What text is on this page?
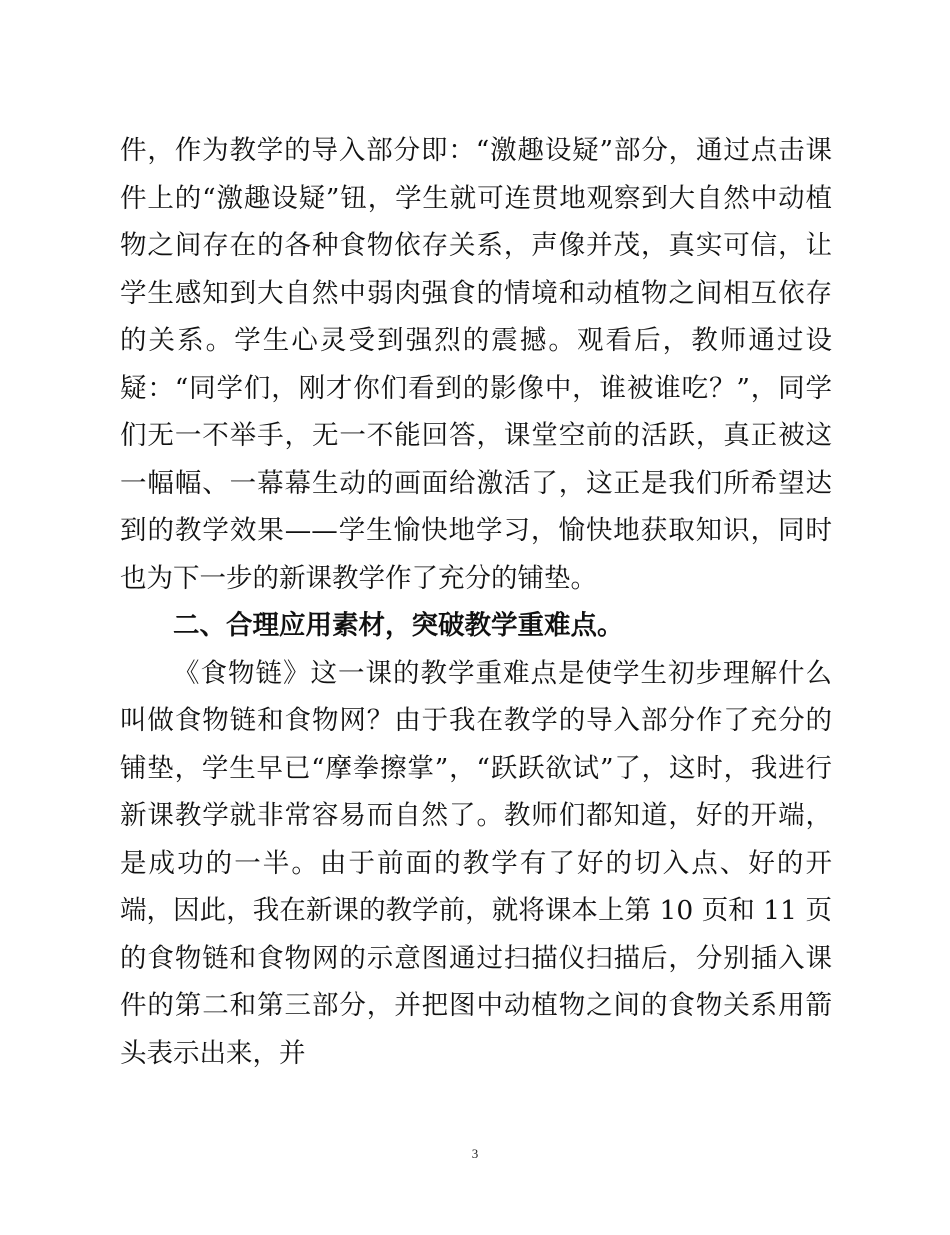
件，作为教学的导入部分即：“激趣设疑”部分，通过点击课件上的“激趣设疑”钮，学生就可连贯地观察到大自然中动植物之间存在的各种食物依存关系，声像并茂，真实可信，让学生感知到大自然中弱肉强食的情境和动植物之间相互依存的关系。学生心灵受到强烈的震撼。观看后，教师通过设疑：“同学们，刚才你们看到的影像中，谁被谁吃？”，同学们无一不举手，无一不能回答，课堂空前的活跃，真正被这一幅幅、一幕幕生动的画面给激活了，这正是我们所希望达到的教学效果——学生愉快地学习，愉快地获取知识，同时也为下一步的新课教学作了充分的铺垫。

二、合理应用素材，突破教学重难点。

《食物链》这一课的教学重难点是使学生初步理解什么叫做食物链和食物网？由于我在教学的导入部分作了充分的铺垫，学生早已“摩拳擦掌”，“跃跃欲试”了，这时，我进行新课教学就非常容易而自然了。教师们都知道，好的开端，是成功的一半。由于前面的教学有了好的切入点、好的开端，因此，我在新课的教学前，就将课本上第 10 页和 11 页的食物链和食物网的示意图通过扫描仪扫描后，分别插入课件的第二和第三部分，并把图中动植物之间的食物关系用箭头表示出来，并

3
